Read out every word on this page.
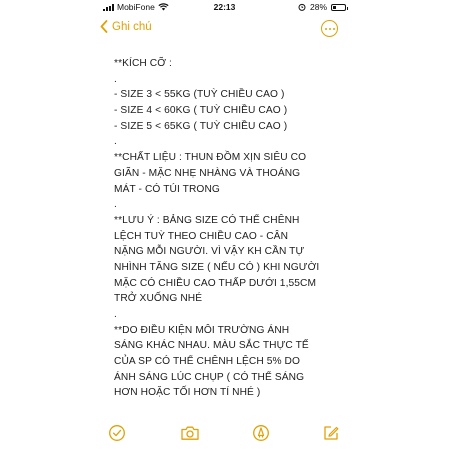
MobiFone	22:13	28%
Ghi chú
**KÍCH CỠ :
.
- SIZE 3 < 55KG (TUỲ CHIỀU CAO )
- SIZE 4 < 60KG ( TUỲ CHIỀU CAO )
- SIZE 5 < 65KG ( TUỲ CHIỀU CAO )
.
**CHẤT LIỆU : THUN ĐỒM XỊN SIÊU CO
GIÃN - MẶC NHẸ NHÀNG VÀ THOÁNG
MÁT - CÓ TÚI TRONG
.
**LƯU Ý : BẢNG SIZE CÓ THỂ CHÊNH
LỆCH TUỲ THEO CHIỀU CAO - CÂN
NẶNG MỖI NGƯỜI. VÌ VẬY KH CẦN TỰ
NHÌNH TĂNG SIZE ( NẾU CÓ ) KHI NGƯỜI
MẶC CÓ CHIỀU CAO THẤP DƯỚI 1,55CM
TRỞ XUỐNG NHÉ
.
**DO ĐIỀU KIỆN MÔI TRƯỜNG ÁNH
SÁNG KHÁC NHAU. MÀU SẮC THỰC TẾ
CỦA SP CÓ THỂ CHÊNH LỆCH 5% DO
ÁNH SÁNG LÚC CHỤP ( CÓ THỂ SÁNG
HƠN HOẶC TỐI HƠN TÍ NHÉ )
